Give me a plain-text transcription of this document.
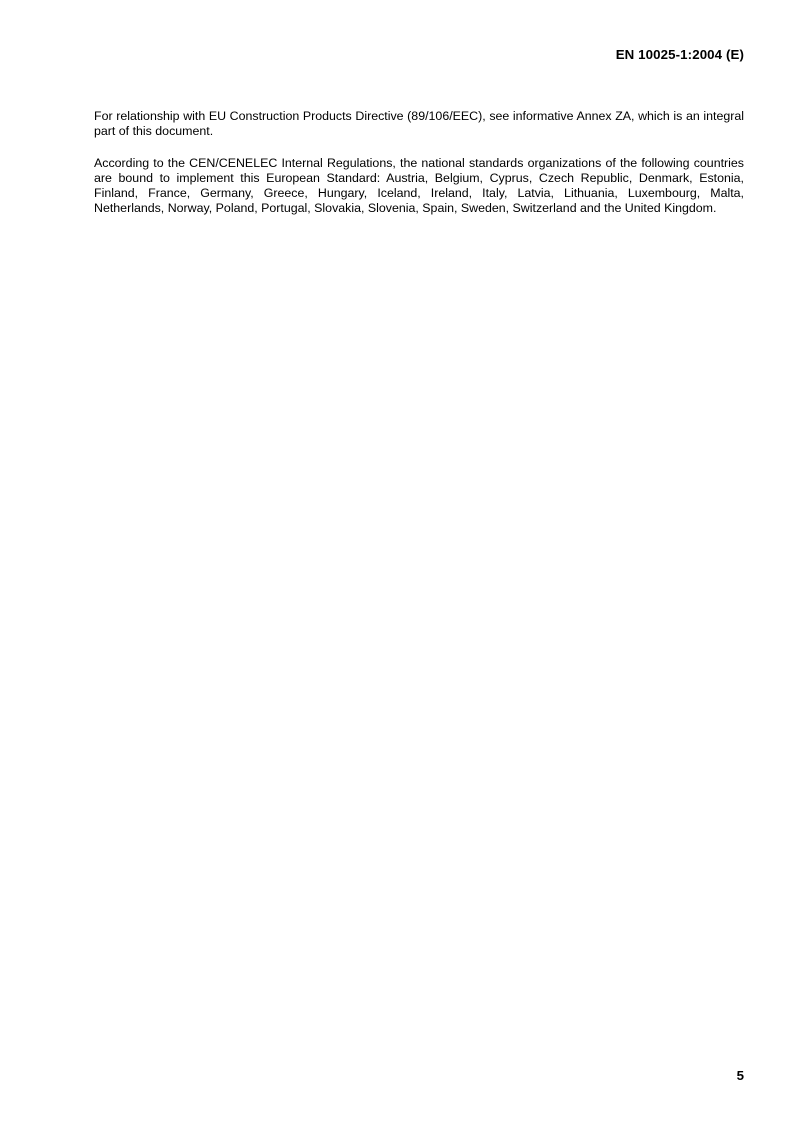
EN 10025-1:2004 (E)

For relationship with EU Construction Products Directive (89/106/EEC), see informative Annex ZA, which is an integral part of this document.

According to the CEN/CENELEC Internal Regulations, the national standards organizations of the following countries are bound to implement this European Standard: Austria, Belgium, Cyprus, Czech Republic, Denmark, Estonia, Finland, France, Germany, Greece, Hungary, Iceland, Ireland, Italy, Latvia, Lithuania, Luxembourg, Malta, Netherlands, Norway, Poland, Portugal, Slovakia, Slovenia, Spain, Sweden, Switzerland and the United Kingdom.

5
